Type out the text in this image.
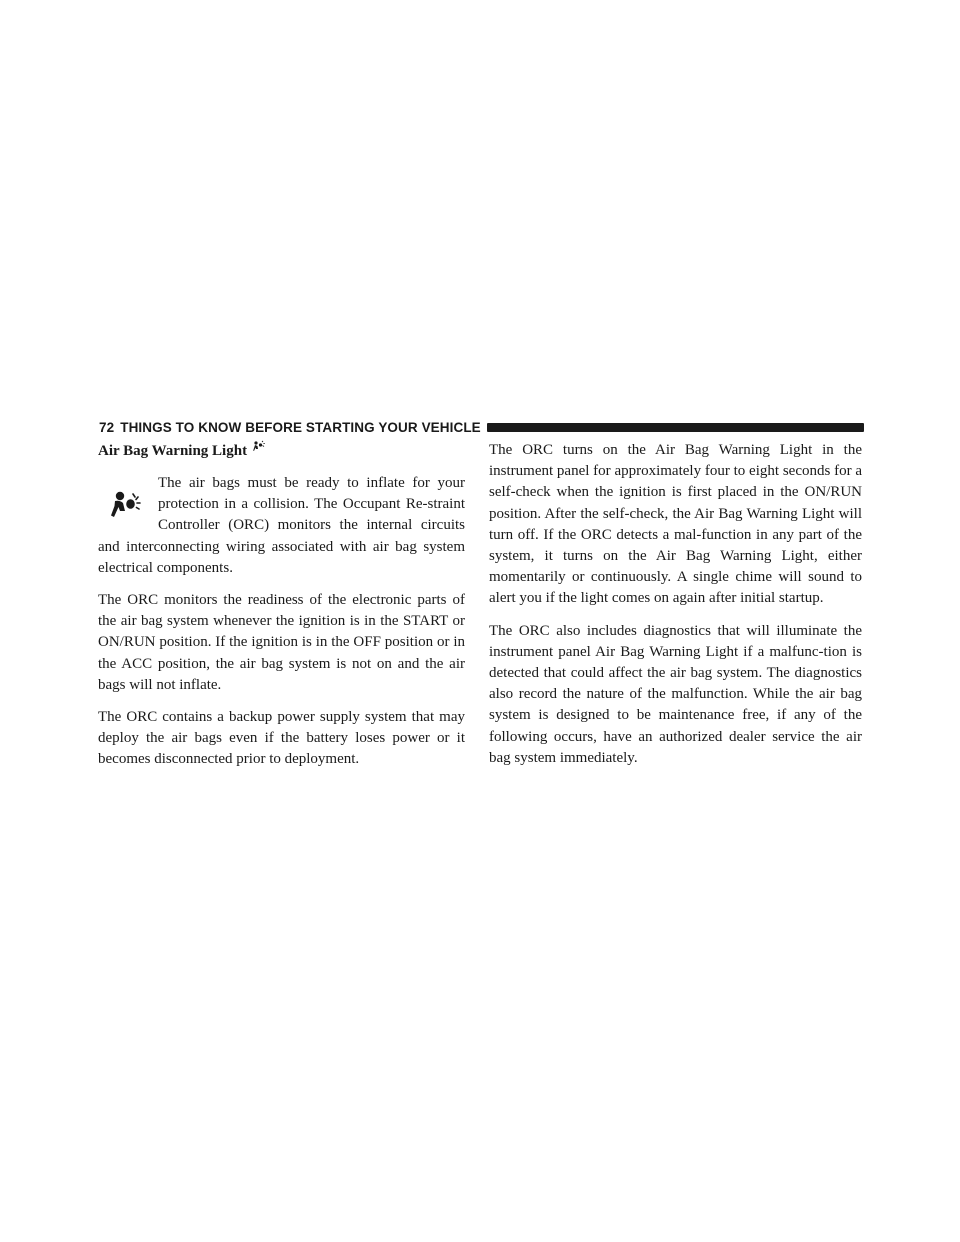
72 THINGS TO KNOW BEFORE STARTING YOUR VEHICLE
Air Bag Warning Light

The air bags must be ready to inflate for your protection in a collision. The Occupant Re-straint Controller (ORC) monitors the internal circuits and interconnecting wiring associated with air bag system electrical components.

The ORC monitors the readiness of the electronic parts of the air bag system whenever the ignition is in the START or ON/RUN position. If the ignition is in the OFF position or in the ACC position, the air bag system is not on and the air bags will not inflate.

The ORC contains a backup power supply system that may deploy the air bags even if the battery loses power or it becomes disconnected prior to deployment.

The ORC turns on the Air Bag Warning Light in the instrument panel for approximately four to eight seconds for a self-check when the ignition is first placed in the ON/RUN position. After the self-check, the Air Bag Warning Light will turn off. If the ORC detects a mal-function in any part of the system, it turns on the Air Bag Warning Light, either momentarily or continuously. A single chime will sound to alert you if the light comes on again after initial startup.

The ORC also includes diagnostics that will illuminate the instrument panel Air Bag Warning Light if a malfunc-tion is detected that could affect the air bag system. The diagnostics also record the nature of the malfunction. While the air bag system is designed to be maintenance free, if any of the following occurs, have an authorized dealer service the air bag system immediately.
